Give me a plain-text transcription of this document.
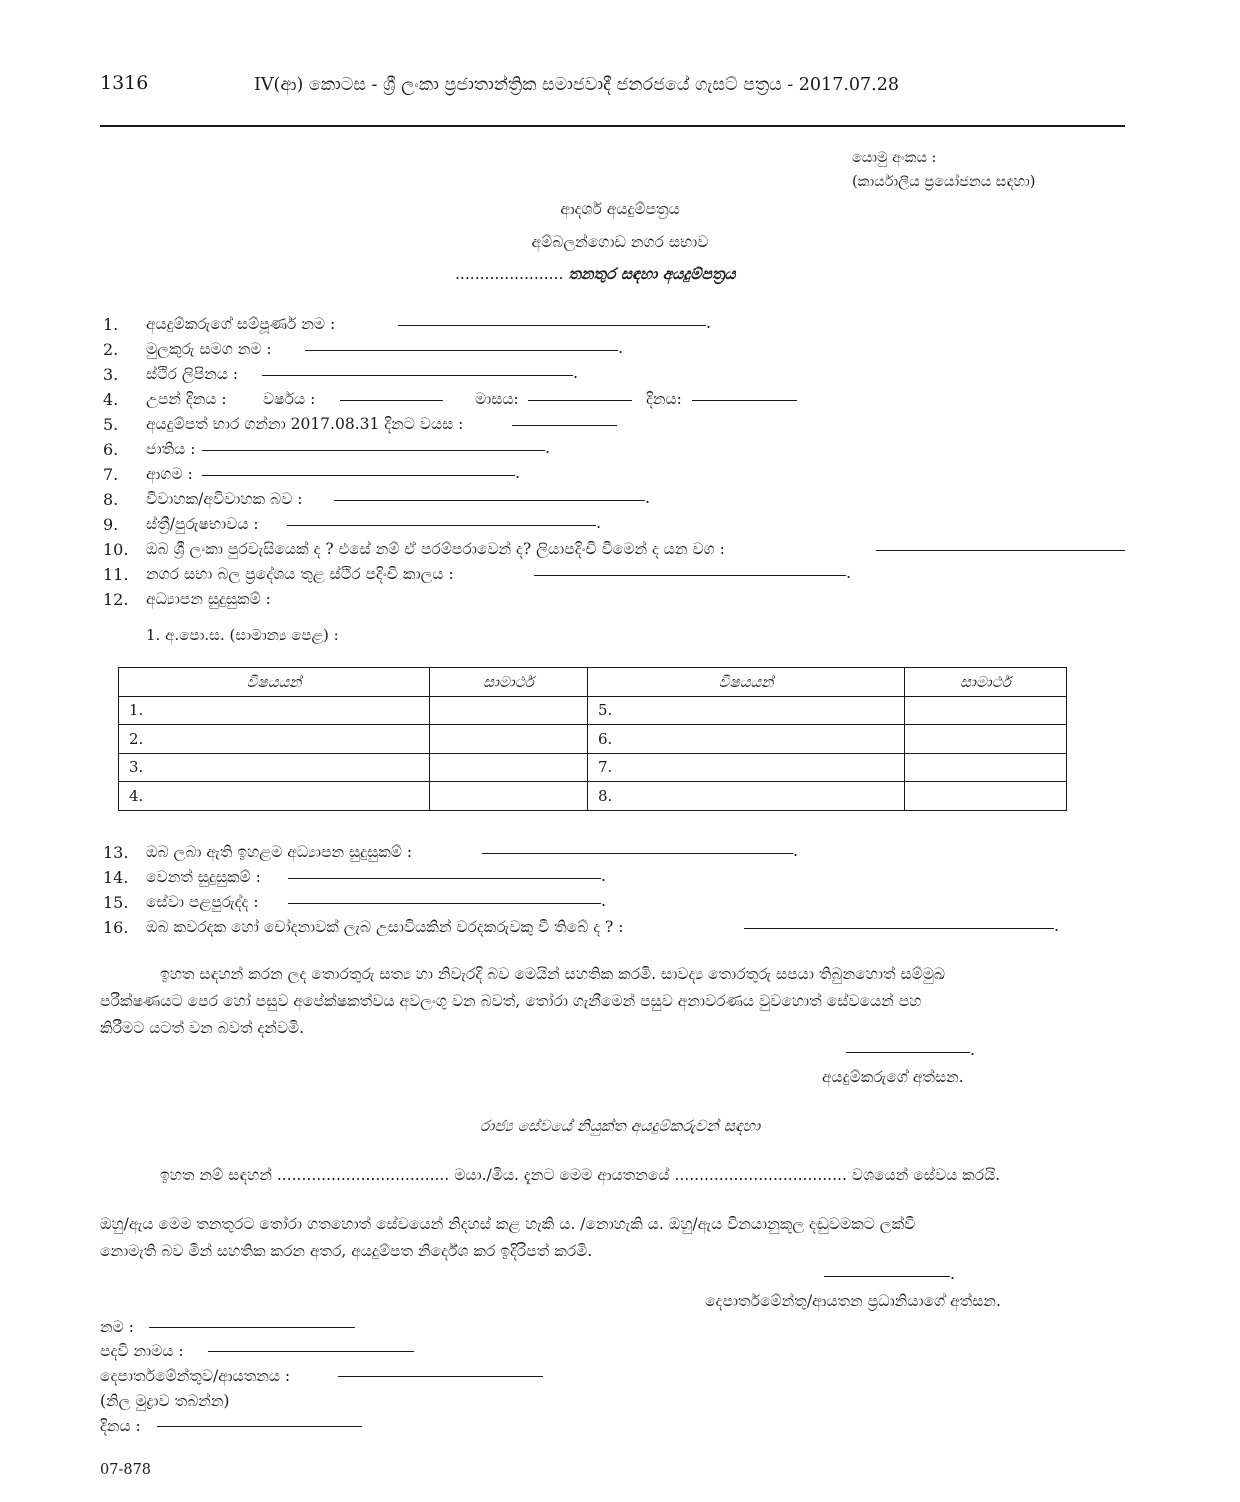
1316	IV(ආ) කොටස - ශ්‍රී ලංකා ප්‍රජාතාන්ත්‍රික සමාජවාදී ජනරජයේ ගැසට් පත්‍රය - 2017.07.28
යොමු අංකය :
(කාර්යාලීය ප්‍රයෝජනය සඳහා)
ආදර්ශ අයදුම්පත්‍රය
අම්බලන්ගොඩ නගර සභාව
...................... තනතුර සඳහා අයදුම්පත්‍රය
1.	අයදුම්කරුගේ සම්පූර්ණ නම :	.
2.	මුලකුරු සමග නම :	.
3.	ස්ථිර ලිපිනය :	.
4.	උපන් දිනය : වර්ෂය :	මාසය:	දිනය:
5.	අයදුම්පත් භාර ගන්නා 2017.08.31 දිනට වයස :
6.	ජාතිය :	.
7.	ආගම :	.
8.	විවාහක/අවිවාහක බව :	.
9.	ස්ත්‍රී/පුරුෂභාවය :	.
10.	ඔබ ශ්‍රී ලංකා පුරවැසියෙක් ද ? එසේ නම් ඒ පරම්පරාවෙන් ද? ලියාපදිංචි වීමෙන් ද යන වග :
11.	නගර සභා බල ප්‍රදේශය තුළ ස්ථිර පදිංචි කාලය :	.
12.	අධ්‍යාපන සුදුසුකම් :
1. අ.පො.ස. (සාමාන්‍ය පෙළ) :
විෂයයන්	සාමාර්ථ	විෂයයන්	සාමාර්ථ
1.		5.	
2.		6.	
3.		7.	
4.		8.	
13.	ඔබ ලබා ඇති ඉහළම අධ්‍යාපන සුදුසුකම් :	.
14.	වෙනත් සුදුසුකම් :	.
15.	සේවා පළපුරුද්ද :	.
16.	ඔබ කවරදක හෝ චෝදනාවක් ලැබ උසාවියකින් වරදකරුවකු වී තිබේ ද ? :	.
ඉහත සඳහන් කරන ලද තොරතුරු සත්‍ය හා නිවැරදි බව මෙයින් සහතික කරමි. සාවද්‍ය තොරතුරු සපයා තිබුනහොත් සම්මුඛ
පරීක්ෂණයට පෙර හෝ පසුව අපේක්ෂකත්වය අවලංගු වන බවත්, තෝරා ගැනීමෙන් පසුව අනාවරණය වුවහොත් සේවයෙන් පහ
කිරීමට යටත් වන බවත් දන්වමි.
.
අයදුම්කරුගේ අත්සන.
රාජ්‍ය සේවයේ නියුක්ත අයදුම්කරුවන් සඳහා
ඉහත නම් සඳහන් ................................... මයා./මිය. දැනට මෙම ආයතනයේ ................................... වශයෙන් සේවය කරයි.
ඔහු/ඇය මෙම තනතුරට තෝරා ගතහොත් සේවයෙන් නිදහස් කළ හැකි ය. /නොහැකි ය. ඔහු/ඇය විනයානුකූල දඬුවමකට ලක්වී
නොමැති බව මින් සහතික කරන අතර, අයදුම්පත නිර්දේශ කර ඉදිරිපත් කරමි.
.
දෙපාර්තමේන්තු/ආයතන ප්‍රධානියාගේ අත්සන.
නම :
පදවි නාමය :
දෙපාර්තමේන්තුව/ආයතනය :
(නිල මුද්‍රාව තබන්න)
දිනය :
07-878
